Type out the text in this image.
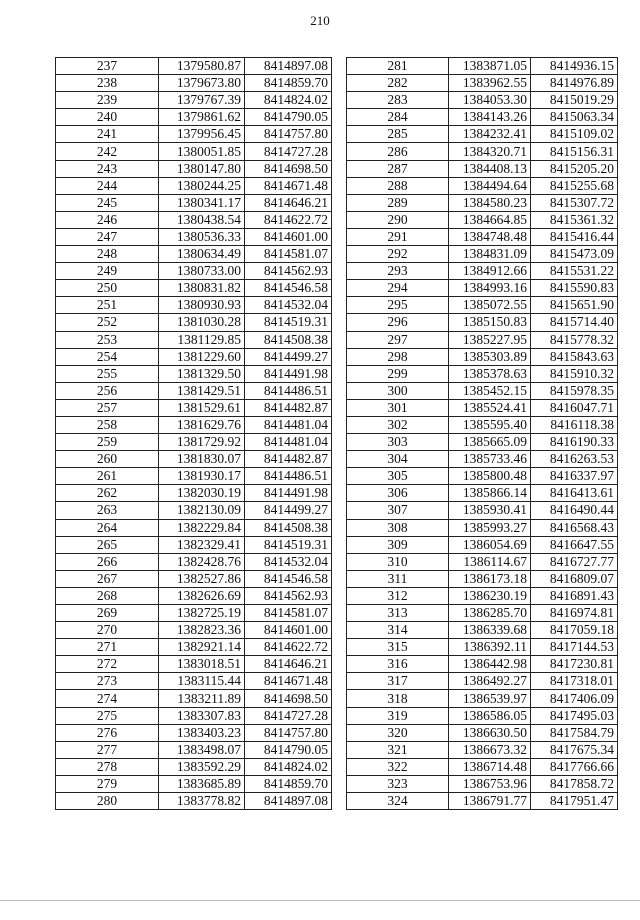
210
237	1379580.87	8414897.08
238	1379673.80	8414859.70
239	1379767.39	8414824.02
240	1379861.62	8414790.05
241	1379956.45	8414757.80
242	1380051.85	8414727.28
243	1380147.80	8414698.50
244	1380244.25	8414671.48
245	1380341.17	8414646.21
246	1380438.54	8414622.72
247	1380536.33	8414601.00
248	1380634.49	8414581.07
249	1380733.00	8414562.93
250	1380831.82	8414546.58
251	1380930.93	8414532.04
252	1381030.28	8414519.31
253	1381129.85	8414508.38
254	1381229.60	8414499.27
255	1381329.50	8414491.98
256	1381429.51	8414486.51
257	1381529.61	8414482.87
258	1381629.76	8414481.04
259	1381729.92	8414481.04
260	1381830.07	8414482.87
261	1381930.17	8414486.51
262	1382030.19	8414491.98
263	1382130.09	8414499.27
264	1382229.84	8414508.38
265	1382329.41	8414519.31
266	1382428.76	8414532.04
267	1382527.86	8414546.58
268	1382626.69	8414562.93
269	1382725.19	8414581.07
270	1382823.36	8414601.00
271	1382921.14	8414622.72
272	1383018.51	8414646.21
273	1383115.44	8414671.48
274	1383211.89	8414698.50
275	1383307.83	8414727.28
276	1383403.23	8414757.80
277	1383498.07	8414790.05
278	1383592.29	8414824.02
279	1383685.89	8414859.70
280	1383778.82	8414897.08
281	1383871.05	8414936.15
282	1383962.55	8414976.89
283	1384053.30	8415019.29
284	1384143.26	8415063.34
285	1384232.41	8415109.02
286	1384320.71	8415156.31
287	1384408.13	8415205.20
288	1384494.64	8415255.68
289	1384580.23	8415307.72
290	1384664.85	8415361.32
291	1384748.48	8415416.44
292	1384831.09	8415473.09
293	1384912.66	8415531.22
294	1384993.16	8415590.83
295	1385072.55	8415651.90
296	1385150.83	8415714.40
297	1385227.95	8415778.32
298	1385303.89	8415843.63
299	1385378.63	8415910.32
300	1385452.15	8415978.35
301	1385524.41	8416047.71
302	1385595.40	8416118.38
303	1385665.09	8416190.33
304	1385733.46	8416263.53
305	1385800.48	8416337.97
306	1385866.14	8416413.61
307	1385930.41	8416490.44
308	1385993.27	8416568.43
309	1386054.69	8416647.55
310	1386114.67	8416727.77
311	1386173.18	8416809.07
312	1386230.19	8416891.43
313	1386285.70	8416974.81
314	1386339.68	8417059.18
315	1386392.11	8417144.53
316	1386442.98	8417230.81
317	1386492.27	8417318.01
318	1386539.97	8417406.09
319	1386586.05	8417495.03
320	1386630.50	8417584.79
321	1386673.32	8417675.34
322	1386714.48	8417766.66
323	1386753.96	8417858.72
324	1386791.77	8417951.47
